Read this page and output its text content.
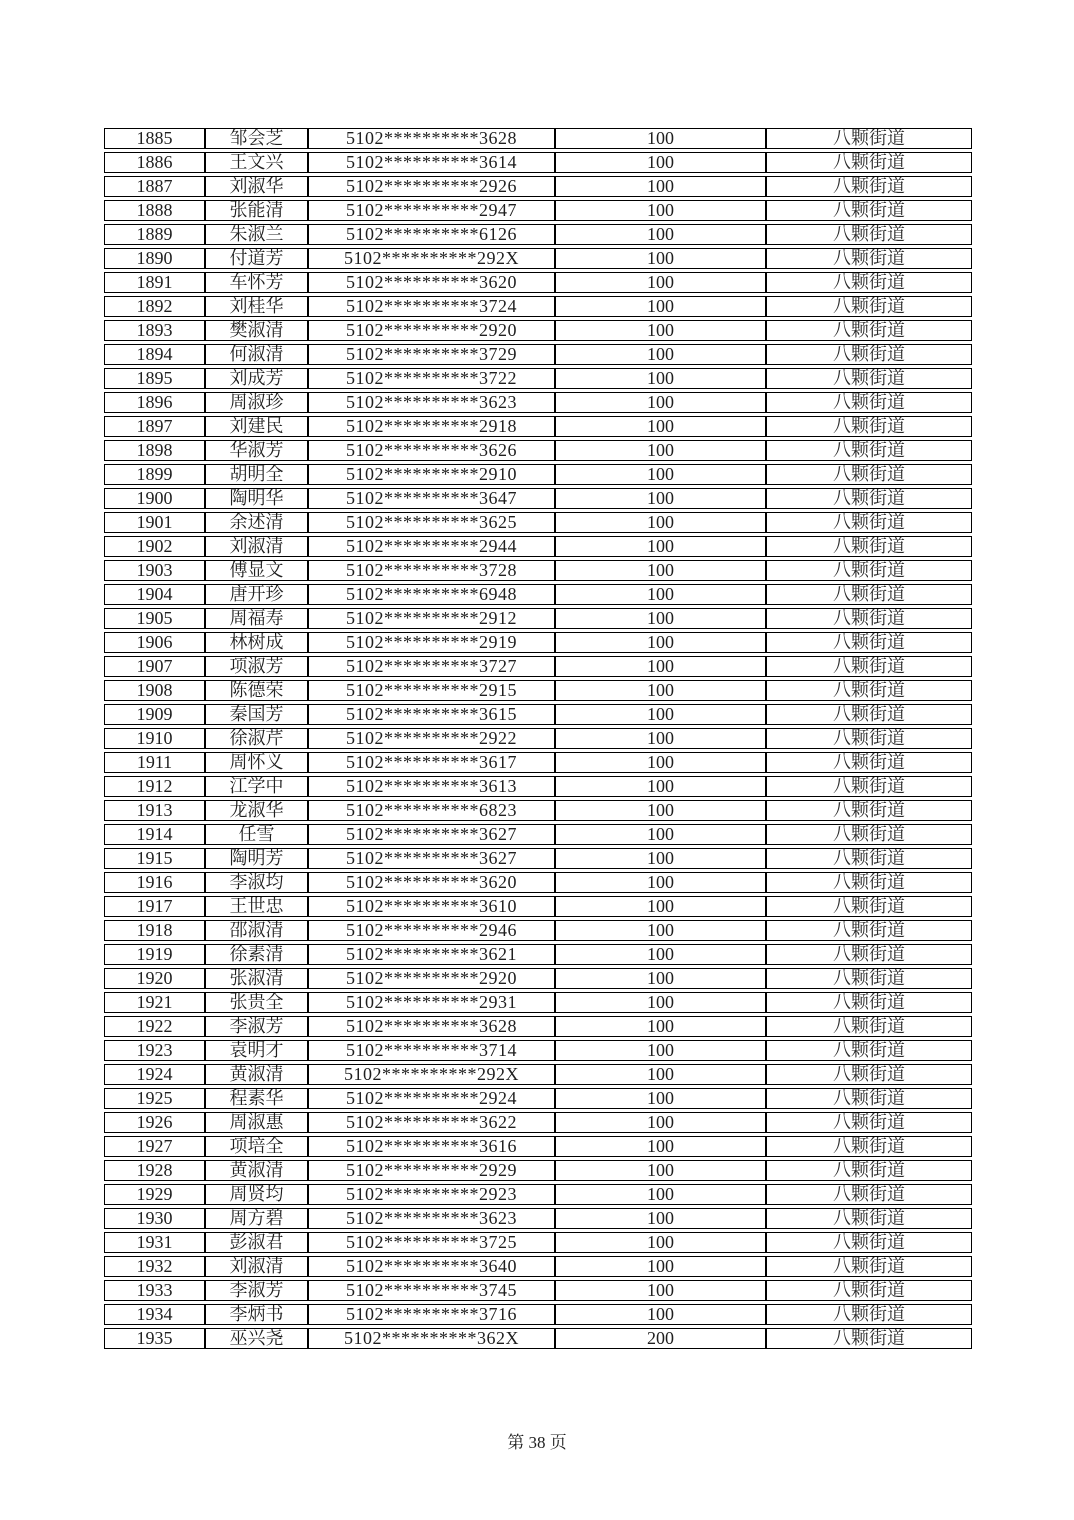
1885	邹会芝	5102**********3628	100	八颗街道
1886	王文兴	5102**********3614	100	八颗街道
1887	刘淑华	5102**********2926	100	八颗街道
1888	张能清	5102**********2947	100	八颗街道
1889	朱淑兰	5102**********6126	100	八颗街道
1890	付道芳	5102**********292X	100	八颗街道
1891	车怀芳	5102**********3620	100	八颗街道
1892	刘桂华	5102**********3724	100	八颗街道
1893	樊淑清	5102**********2920	100	八颗街道
1894	何淑清	5102**********3729	100	八颗街道
1895	刘成芳	5102**********3722	100	八颗街道
1896	周淑珍	5102**********3623	100	八颗街道
1897	刘建民	5102**********2918	100	八颗街道
1898	华淑芳	5102**********3626	100	八颗街道
1899	胡明全	5102**********2910	100	八颗街道
1900	陶明华	5102**********3647	100	八颗街道
1901	余述清	5102**********3625	100	八颗街道
1902	刘淑清	5102**********2944	100	八颗街道
1903	傅显文	5102**********3728	100	八颗街道
1904	唐开珍	5102**********6948	100	八颗街道
1905	周福寿	5102**********2912	100	八颗街道
1906	林树成	5102**********2919	100	八颗街道
1907	项淑芳	5102**********3727	100	八颗街道
1908	陈德荣	5102**********2915	100	八颗街道
1909	秦国芳	5102**********3615	100	八颗街道
1910	徐淑芹	5102**********2922	100	八颗街道
1911	周怀义	5102**********3617	100	八颗街道
1912	江学中	5102**********3613	100	八颗街道
1913	龙淑华	5102**********6823	100	八颗街道
1914	任雪	5102**********3627	100	八颗街道
1915	陶明芳	5102**********3627	100	八颗街道
1916	李淑均	5102**********3620	100	八颗街道
1917	王世忠	5102**********3610	100	八颗街道
1918	邵淑清	5102**********2946	100	八颗街道
1919	徐素清	5102**********3621	100	八颗街道
1920	张淑清	5102**********2920	100	八颗街道
1921	张贵全	5102**********2931	100	八颗街道
1922	李淑芳	5102**********3628	100	八颗街道
1923	袁明才	5102**********3714	100	八颗街道
1924	黄淑清	5102**********292X	100	八颗街道
1925	程素华	5102**********2924	100	八颗街道
1926	周淑惠	5102**********3622	100	八颗街道
1927	项培全	5102**********3616	100	八颗街道
1928	黄淑清	5102**********2929	100	八颗街道
1929	周贤均	5102**********2923	100	八颗街道
1930	周方碧	5102**********3623	100	八颗街道
1931	彭淑君	5102**********3725	100	八颗街道
1932	刘淑清	5102**********3640	100	八颗街道
1933	李淑芳	5102**********3745	100	八颗街道
1934	李炳书	5102**********3716	100	八颗街道
1935	巫兴尧	5102**********362X	200	八颗街道
第 38 页
